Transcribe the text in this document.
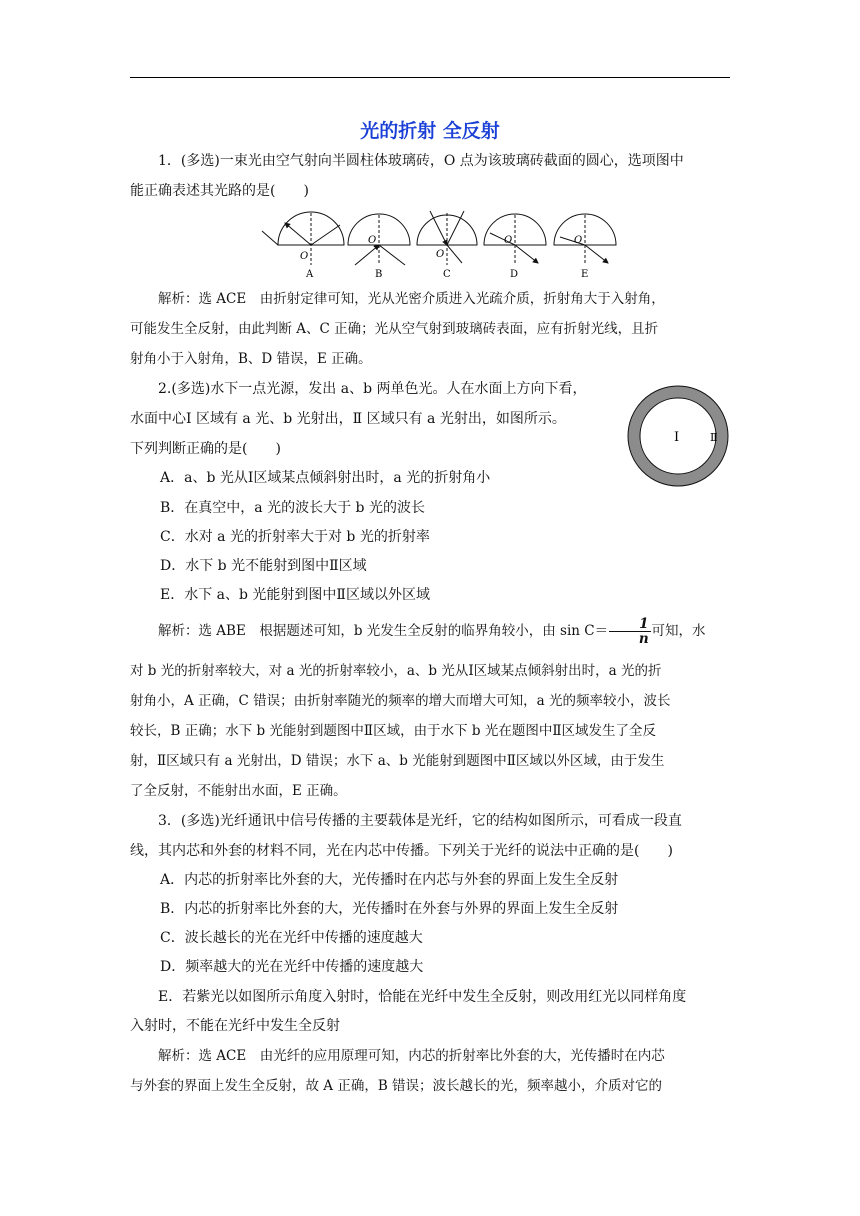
光的折射 全反射

1．(多选)一束光由空气射向半圆柱体玻璃砖，O 点为该玻璃砖截面的圆心，选项图中

能正确表述其光路的是(　　)

O
A
O
B
O
C
O
D
O
E

解析：选 ACE　由折射定律可知，光从光密介质进入光疏介质，折射角大于入射角，

可能发生全反射，由此判断 A、C 正确；光从空气射到玻璃砖表面，应有折射光线，且折

射角小于入射角，B、D 错误，E 正确。

2.(多选)水下一点光源，发出 a、b 两单色光。人在水面上方向下看，

水面中心Ⅰ 区域有 a 光、b 光射出，Ⅱ 区域只有 a 光射出，如图所示。

下列判断正确的是(　　)

Ⅰ	Ⅱ

A．a、b 光从Ⅰ区域某点倾斜射出时，a 光的折射角小

B．在真空中，a 光的波长大于 b 光的波长

C．水对 a 光的折射率大于对 b 光的折射率

D．水下 b 光不能射到图中Ⅱ区域

E．水下 a、b 光能射到图中Ⅱ区域以外区域

解析：选 ABE　根据题述可知，b 光发生全反射的临界角较小，由 $\sin C= \frac{1}{n}$ 可知，水

对 b 光的折射率较大，对 a 光的折射率较小，a、b 光从Ⅰ区域某点倾斜射出时，a 光的折

射角小，A 正确，C 错误；由折射率随光的频率的增大而增大可知，a 光的频率较小，波长

较长，B 正确；水下 b 光能射到题图中Ⅱ区域，由于水下 b 光在题图中Ⅱ区域发生了全反

射，Ⅱ区域只有 a 光射出，D 错误；水下 a、b 光能射到题图中Ⅱ区域以外区域，由于发生

了全反射，不能射出水面，E 正确。

3．(多选)光纤通讯中信号传播的主要载体是光纤，它的结构如图所示，可看成一段直

线，其内芯和外套的材料不同，光在内芯中传播。下列关于光纤的说法中正确的是(　　)

A．内芯的折射率比外套的大，光传播时在内芯与外套的界面上发生全反射

B．内芯的折射率比外套的大，光传播时在外套与外界的界面上发生全反射

C．波长越长的光在光纤中传播的速度越大

D．频率越大的光在光纤中传播的速度越大

E．若紫光以如图所示角度入射时，恰能在光纤中发生全反射，则改用红光以同样角度

入射时，不能在光纤中发生全反射

解析：选 ACE　由光纤的应用原理可知，内芯的折射率比外套的大，光传播时在内芯

与外套的界面上发生全反射，故 A 正确，B 错误；波长越长的光，频率越小，介质对它的
